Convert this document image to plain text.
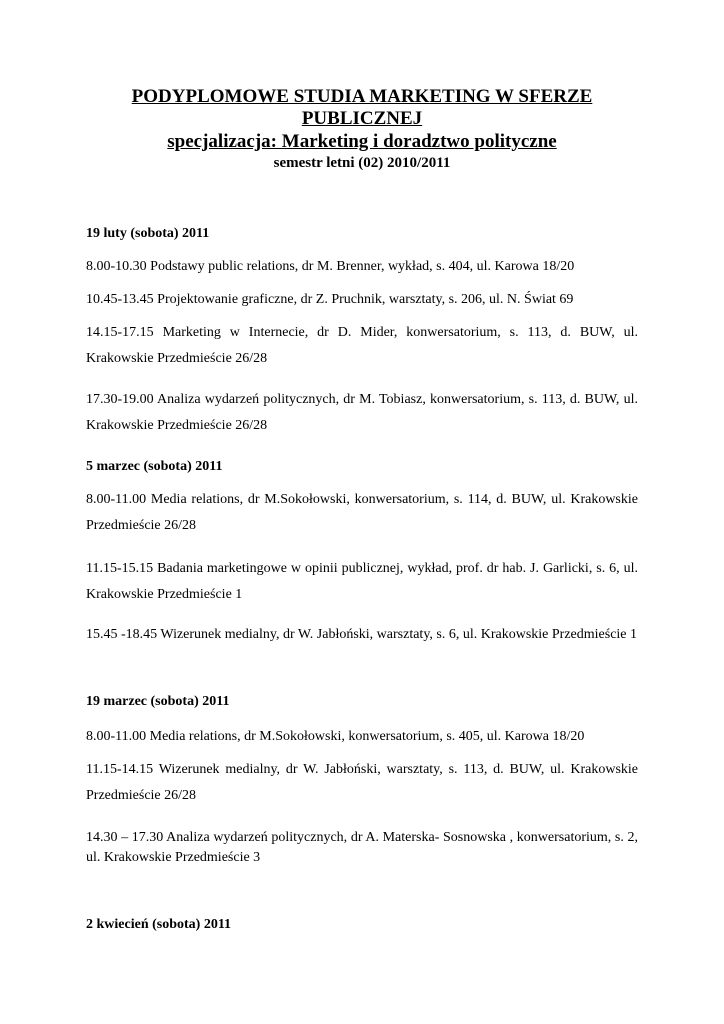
PODYPLOMOWE STUDIA MARKETING W SFERZE PUBLICZNEJ
specjalizacja: Marketing i doradztwo polityczne
semestr letni (02) 2010/2011
19 luty (sobota) 2011
8.00-10.30 Podstawy public relations, dr M. Brenner, wykład, s. 404, ul. Karowa 18/20
10.45-13.45 Projektowanie graficzne, dr Z. Pruchnik, warsztaty, s. 206, ul. N. Świat 69
14.15-17.15 Marketing w Internecie, dr D. Mider, konwersatorium, s. 113, d. BUW, ul. Krakowskie Przedmieście 26/28
17.30-19.00 Analiza wydarzeń politycznych, dr M. Tobiasz, konwersatorium, s. 113, d. BUW, ul. Krakowskie Przedmieście 26/28
5 marzec (sobota) 2011
8.00-11.00 Media relations, dr M.Sokołowski, konwersatorium, s. 114, d. BUW, ul. Krakowskie Przedmieście 26/28
11.15-15.15 Badania marketingowe w opinii publicznej, wykład, prof. dr hab. J. Garlicki, s. 6, ul. Krakowskie Przedmieście 1
15.45 -18.45 Wizerunek medialny, dr W. Jabłoński, warsztaty, s. 6, ul. Krakowskie Przedmieście 1
19 marzec (sobota) 2011
8.00-11.00 Media relations, dr M.Sokołowski, konwersatorium, s. 405, ul. Karowa 18/20
11.15-14.15 Wizerunek medialny, dr W. Jabłoński, warsztaty, s. 113, d. BUW, ul. Krakowskie Przedmieście 26/28
14.30 – 17.30 Analiza wydarzeń politycznych, dr A. Materska- Sosnowska , konwersatorium, s. 2, ul. Krakowskie Przedmieście 3
2 kwiecień (sobota) 2011
